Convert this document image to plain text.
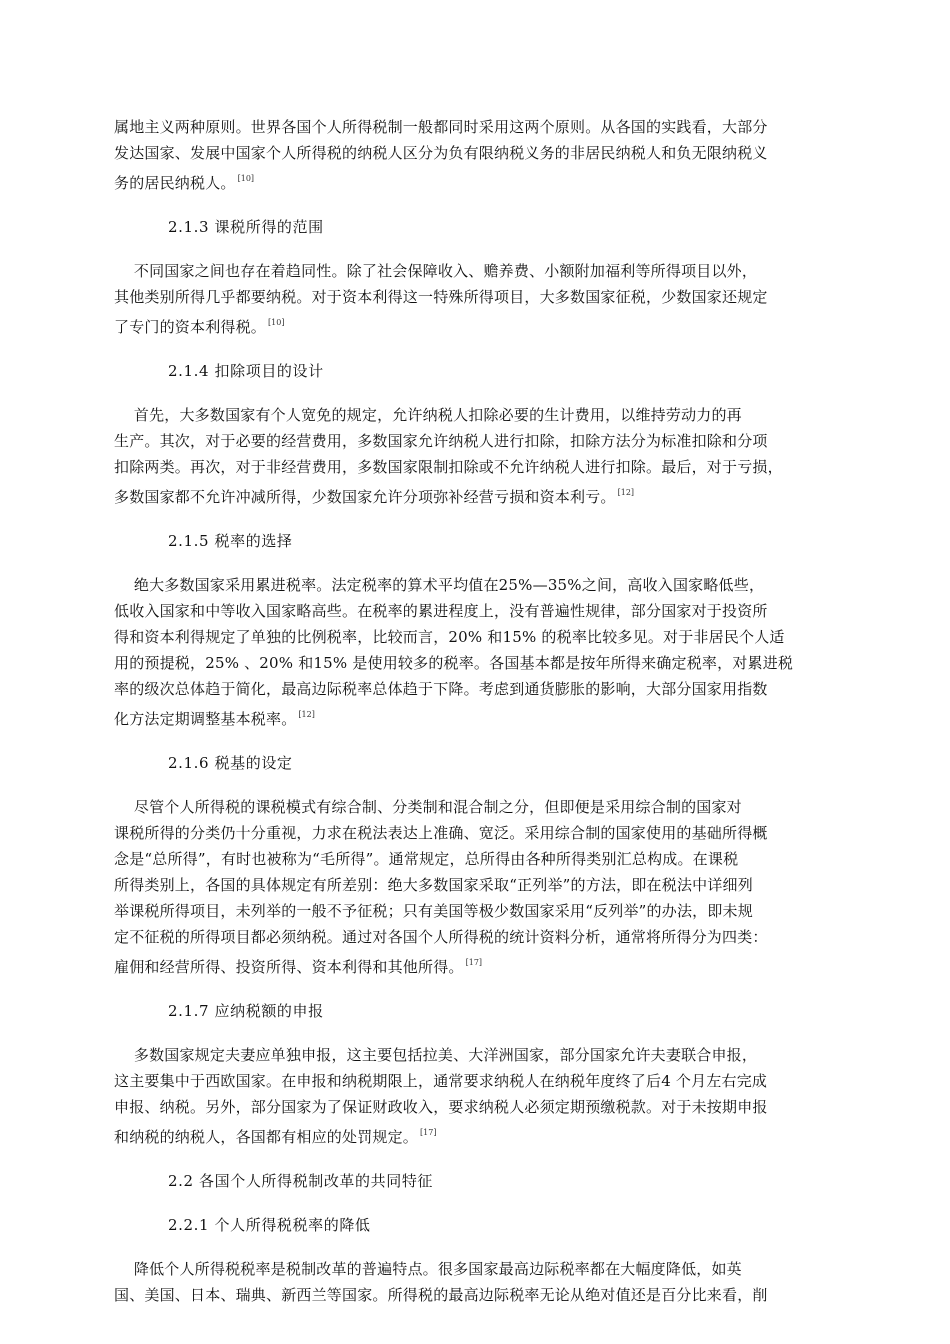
属地主义两种原则。世界各国个人所得税制一般都同时采用这两个原则。从各国的实践看，大部分
发达国家、发展中国家个人所得税的纳税人区分为负有限纳税义务的非居民纳税人和负无限纳税义
务的居民纳税人。 [10]

2.1.3 课税所得的范围

不同国家之间也存在着趋同性。除了社会保障收入、赡养费、小额附加福利等所得项目以外，
其他类别所得几乎都要纳税。对于资本利得这一特殊所得项目，大多数国家征税，少数国家还规定
了专门的资本利得税。 [10]

2.1.4 扣除项目的设计

首先，大多数国家有个人宽免的规定，允许纳税人扣除必要的生计费用，以维持劳动力的再
生产。其次，对于必要的经营费用，多数国家允许纳税人进行扣除，扣除方法分为标准扣除和分项
扣除两类。再次，对于非经营费用，多数国家限制扣除或不允许纳税人进行扣除。最后，对于亏损，
多数国家都不允许冲减所得，少数国家允许分项弥补经营亏损和资本利亏。 [12]

2.1.5 税率的选择

绝大多数国家采用累进税率。法定税率的算术平均值在25%—35%之间，高收入国家略低些，
低收入国家和中等收入国家略高些。在税率的累进程度上，没有普遍性规律，部分国家对于投资所
得和资本利得规定了单独的比例税率，比较而言，20% 和15% 的税率比较多见。对于非居民个人适
用的预提税，25% 、20% 和15% 是使用较多的税率。各国基本都是按年所得来确定税率，对累进税
率的级次总体趋于简化，最高边际税率总体趋于下降。考虑到通货膨胀的影响，大部分国家用指数
化方法定期调整基本税率。 [12]

2.1.6 税基的设定

尽管个人所得税的课税模式有综合制、分类制和混合制之分，但即便是采用综合制的国家对
课税所得的分类仍十分重视，力求在税法表达上准确、宽泛。采用综合制的国家使用的基础所得概
念是“总所得”，有时也被称为“毛所得”。通常规定，总所得由各种所得类别汇总构成。在课税
所得类别上，各国的具体规定有所差别：绝大多数国家采取“正列举”的方法，即在税法中详细列
举课税所得项目，未列举的一般不予征税；只有美国等极少数国家采用“反列举”的办法，即未规
定不征税的所得项目都必须纳税。通过对各国个人所得税的统计资料分析，通常将所得分为四类：
雇佣和经营所得、投资所得、资本利得和其他所得。 [17]

2.1.7 应纳税额的申报

多数国家规定夫妻应单独申报，这主要包括拉美、大洋洲国家，部分国家允许夫妻联合申报，
这主要集中于西欧国家。在申报和纳税期限上，通常要求纳税人在纳税年度终了后4 个月左右完成
申报、纳税。另外，部分国家为了保证财政收入，要求纳税人必须定期预缴税款。对于未按期申报
和纳税的纳税人，各国都有相应的处罚规定。 [17]

2.2 各国个人所得税制改革的共同特征

2.2.1 个人所得税税率的降低

降低个人所得税税率是税制改革的普遍特点。很多国家最高边际税率都在大幅度降低，如英
国、美国、日本、瑞典、新西兰等国家。所得税的最高边际税率无论从绝对值还是百分比来看，削
